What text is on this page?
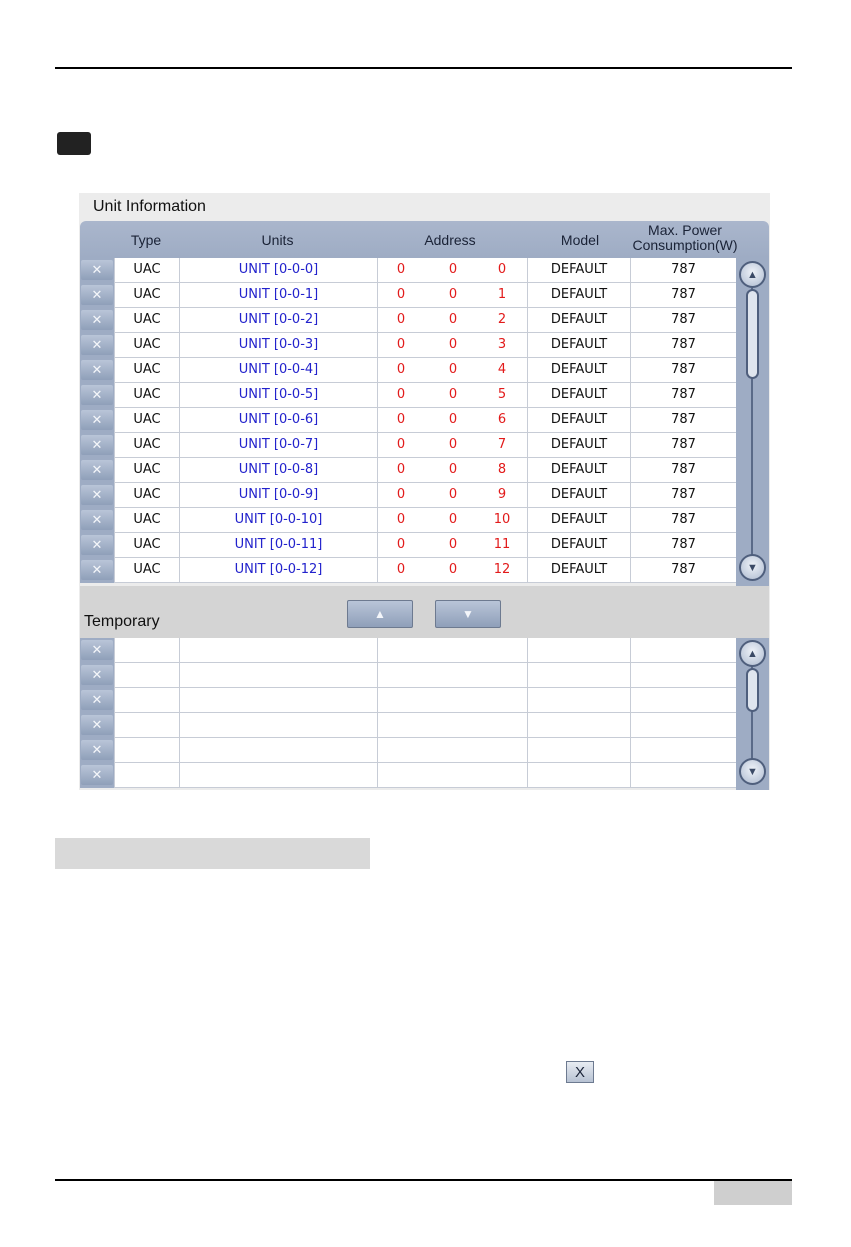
Unit Information
Type	Units	Address	Model
Max. Power
Consumption(W)
✕	UAC	UNIT [0-0-0]	0	0	0	DEFAULT	787
✕	UAC	UNIT [0-0-1]	0	0	1	DEFAULT	787
✕	UAC	UNIT [0-0-2]	0	0	2	DEFAULT	787
✕	UAC	UNIT [0-0-3]	0	0	3	DEFAULT	787
✕	UAC	UNIT [0-0-4]	0	0	4	DEFAULT	787
✕	UAC	UNIT [0-0-5]	0	0	5	DEFAULT	787
✕	UAC	UNIT [0-0-6]	0	0	6	DEFAULT	787
✕	UAC	UNIT [0-0-7]	0	0	7	DEFAULT	787
✕	UAC	UNIT [0-0-8]	0	0	8	DEFAULT	787
✕	UAC	UNIT [0-0-9]	0	0	9	DEFAULT	787
✕	UAC	UNIT [0-0-10]	0	0	10	DEFAULT	787
✕	UAC	UNIT [0-0-11]	0	0	11	DEFAULT	787
✕	UAC	UNIT [0-0-12]	0	0	12	DEFAULT	787
▲
▼
Temporary	▲	▼
✕
✕
✕
✕
✕
✕
▲
▼
X
